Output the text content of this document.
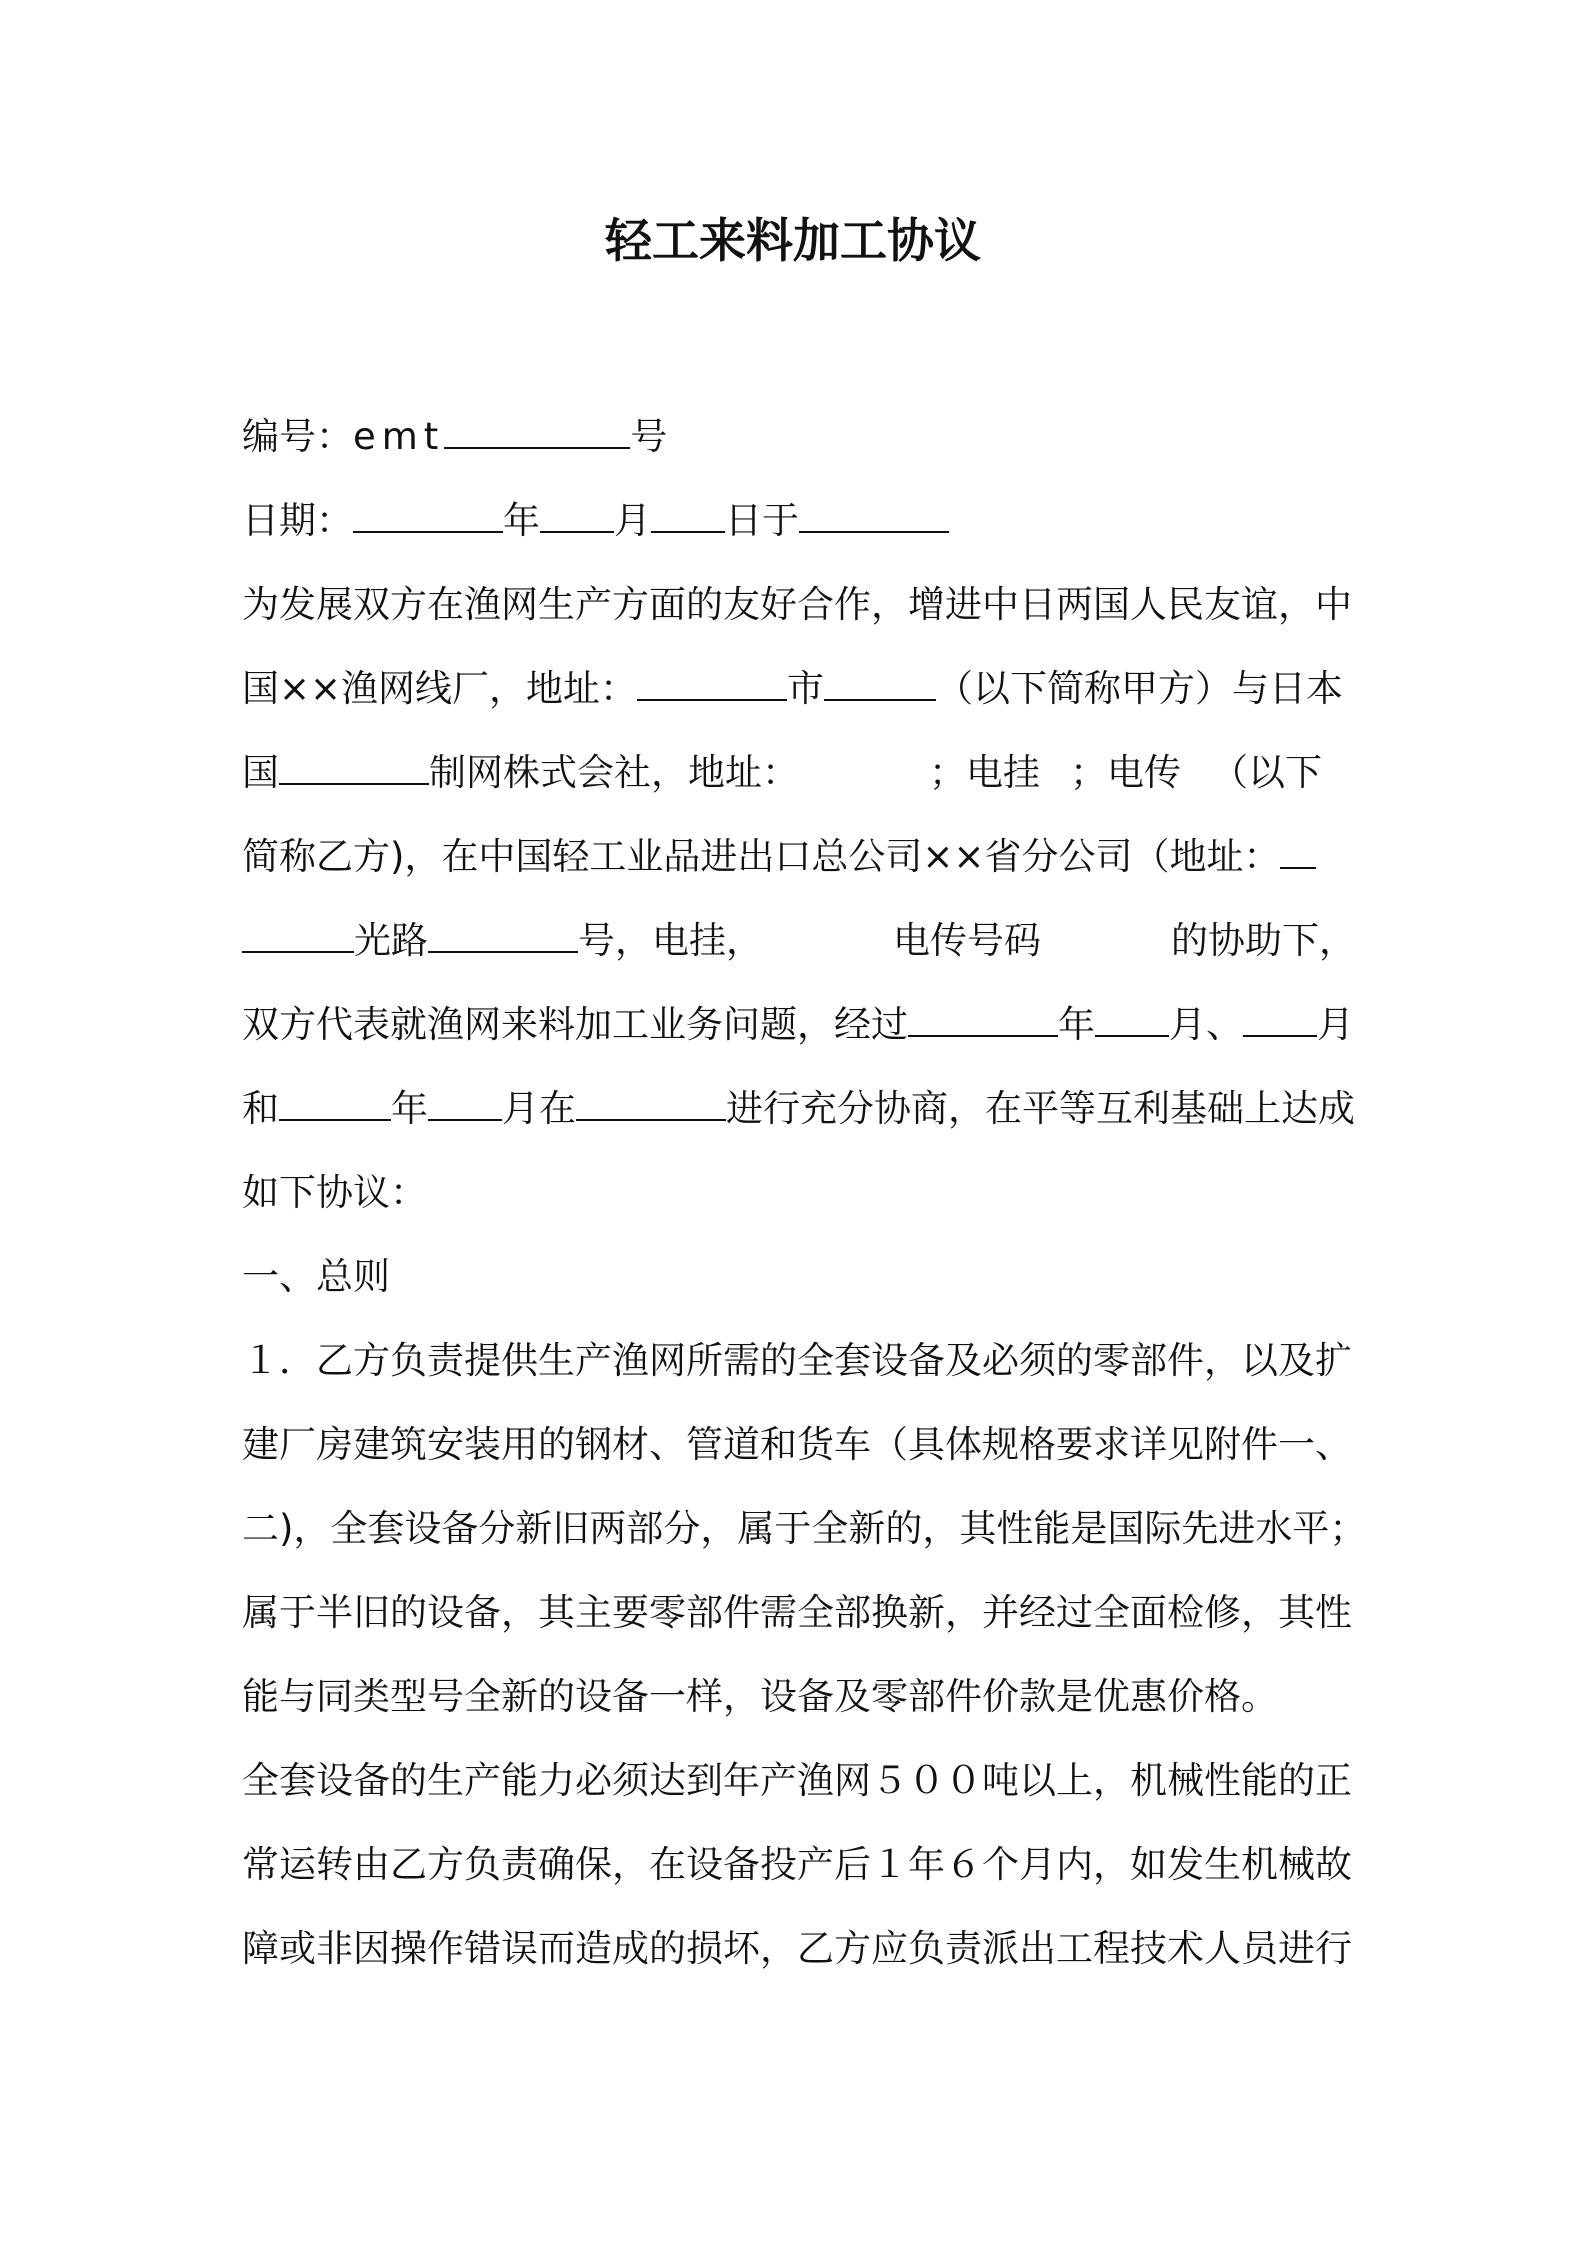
轻工来料加工协议

编号：emt	号

日期：	年 月 日于

为发展双方在渔网生产方面的友好合作，增进中日两国人民友谊，中

国××渔网线厂，地址：	市	（以下简称甲方）与日本

国	制网株式会社，地址：	；电挂 ；电传 （以下

简称乙方)，在中国轻工业品进出口总公司××省分公司（地址：

光路	号，电挂，	电传号码	的协助下，

双方代表就渔网来料加工业务问题，经过	年 月、 月

和	年 月在	进行充分协商，在平等互利基础上达成

如下协议：

一、总则

１．乙方负责提供生产渔网所需的全套设备及必须的零部件，以及扩

建厂房建筑安装用的钢材、管道和货车（具体规格要求详见附件一、

二)，全套设备分新旧两部分，属于全新的，其性能是国际先进水平；

属于半旧的设备，其主要零部件需全部换新，并经过全面检修，其性

能与同类型号全新的设备一样，设备及零部件价款是优惠价格。

全套设备的生产能力必须达到年产渔网５００吨以上，机械性能的正

常运转由乙方负责确保，在设备投产后１年６个月内，如发生机械故

障或非因操作错误而造成的损坏，乙方应负责派出工程技术人员进行
